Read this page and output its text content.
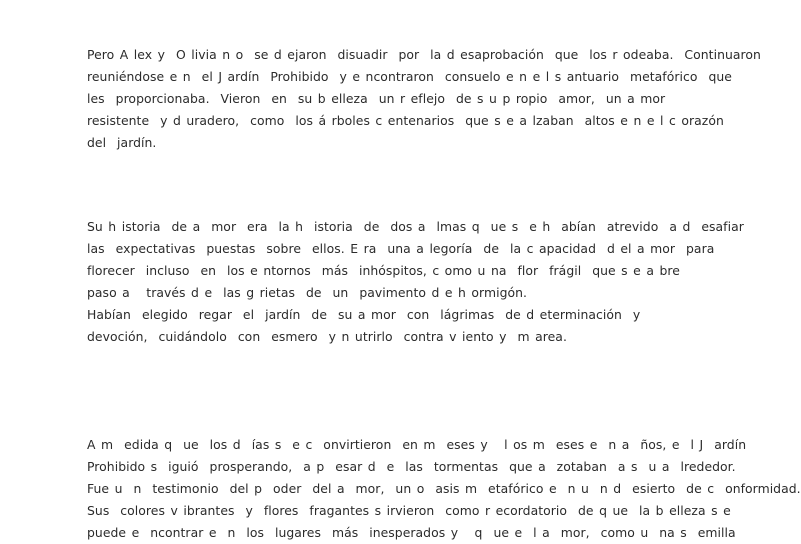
Pero A lex y  O livia n o  se d ejaron  disuadir  por  la d esaprobación  que  los r odeaba.  Continuaron
reuniéndose e n  el J ardín  Prohibido  y e ncontraron  consuelo e n e l s antuario  metafórico  que
les  proporcionaba.  Vieron  en  su b elleza  un r eflejo  de s u p ropio  amor,  un a mor
resistente  y d uradero,  como  los á rboles c entenarios  que s e a lzaban  altos e n e l c orazón
del  jardín.
Su h istoria  de a  mor  era  la h  istoria  de  dos a  lmas q  ue s  e h  abían  atrevido  a d  esafiar
las  expectativas  puestas  sobre  ellos. E ra  una a legoría  de  la c apacidad  d el a mor  para
florecer  incluso  en  los e ntornos  más  inhóspitos, c omo u na  flor  frágil  que s e a bre
paso a   través d e  las g rietas  de  un  pavimento d e h ormigón.
Habían  elegido  regar  el  jardín  de  su a mor  con  lágrimas  de d eterminación  y
devoción,  cuidándolo  con  esmero  y n utrirlo  contra v iento y  m area.
A m  edida q  ue  los d  ías s  e c  onvirtieron  en m  eses y   l os m  eses e  n a  ños, e  l J  ardín
Prohibido s  iguió  prosperando,  a p  esar d  e  las  tormentas  que a  zotaban  a s  u a  lrededor.
Fue u  n  testimonio  del p  oder  del a  mor,  un o  asis m  etafórico e  n u  n d  esierto  de c  onformidad.
Sus  colores v ibrantes  y  flores  fragantes s irvieron  como r ecordatorio  de q ue  la b elleza s e
puede e  ncontrar e  n  los  lugares  más  inesperados y   q  ue e  l a  mor,  como u  na s  emilla
